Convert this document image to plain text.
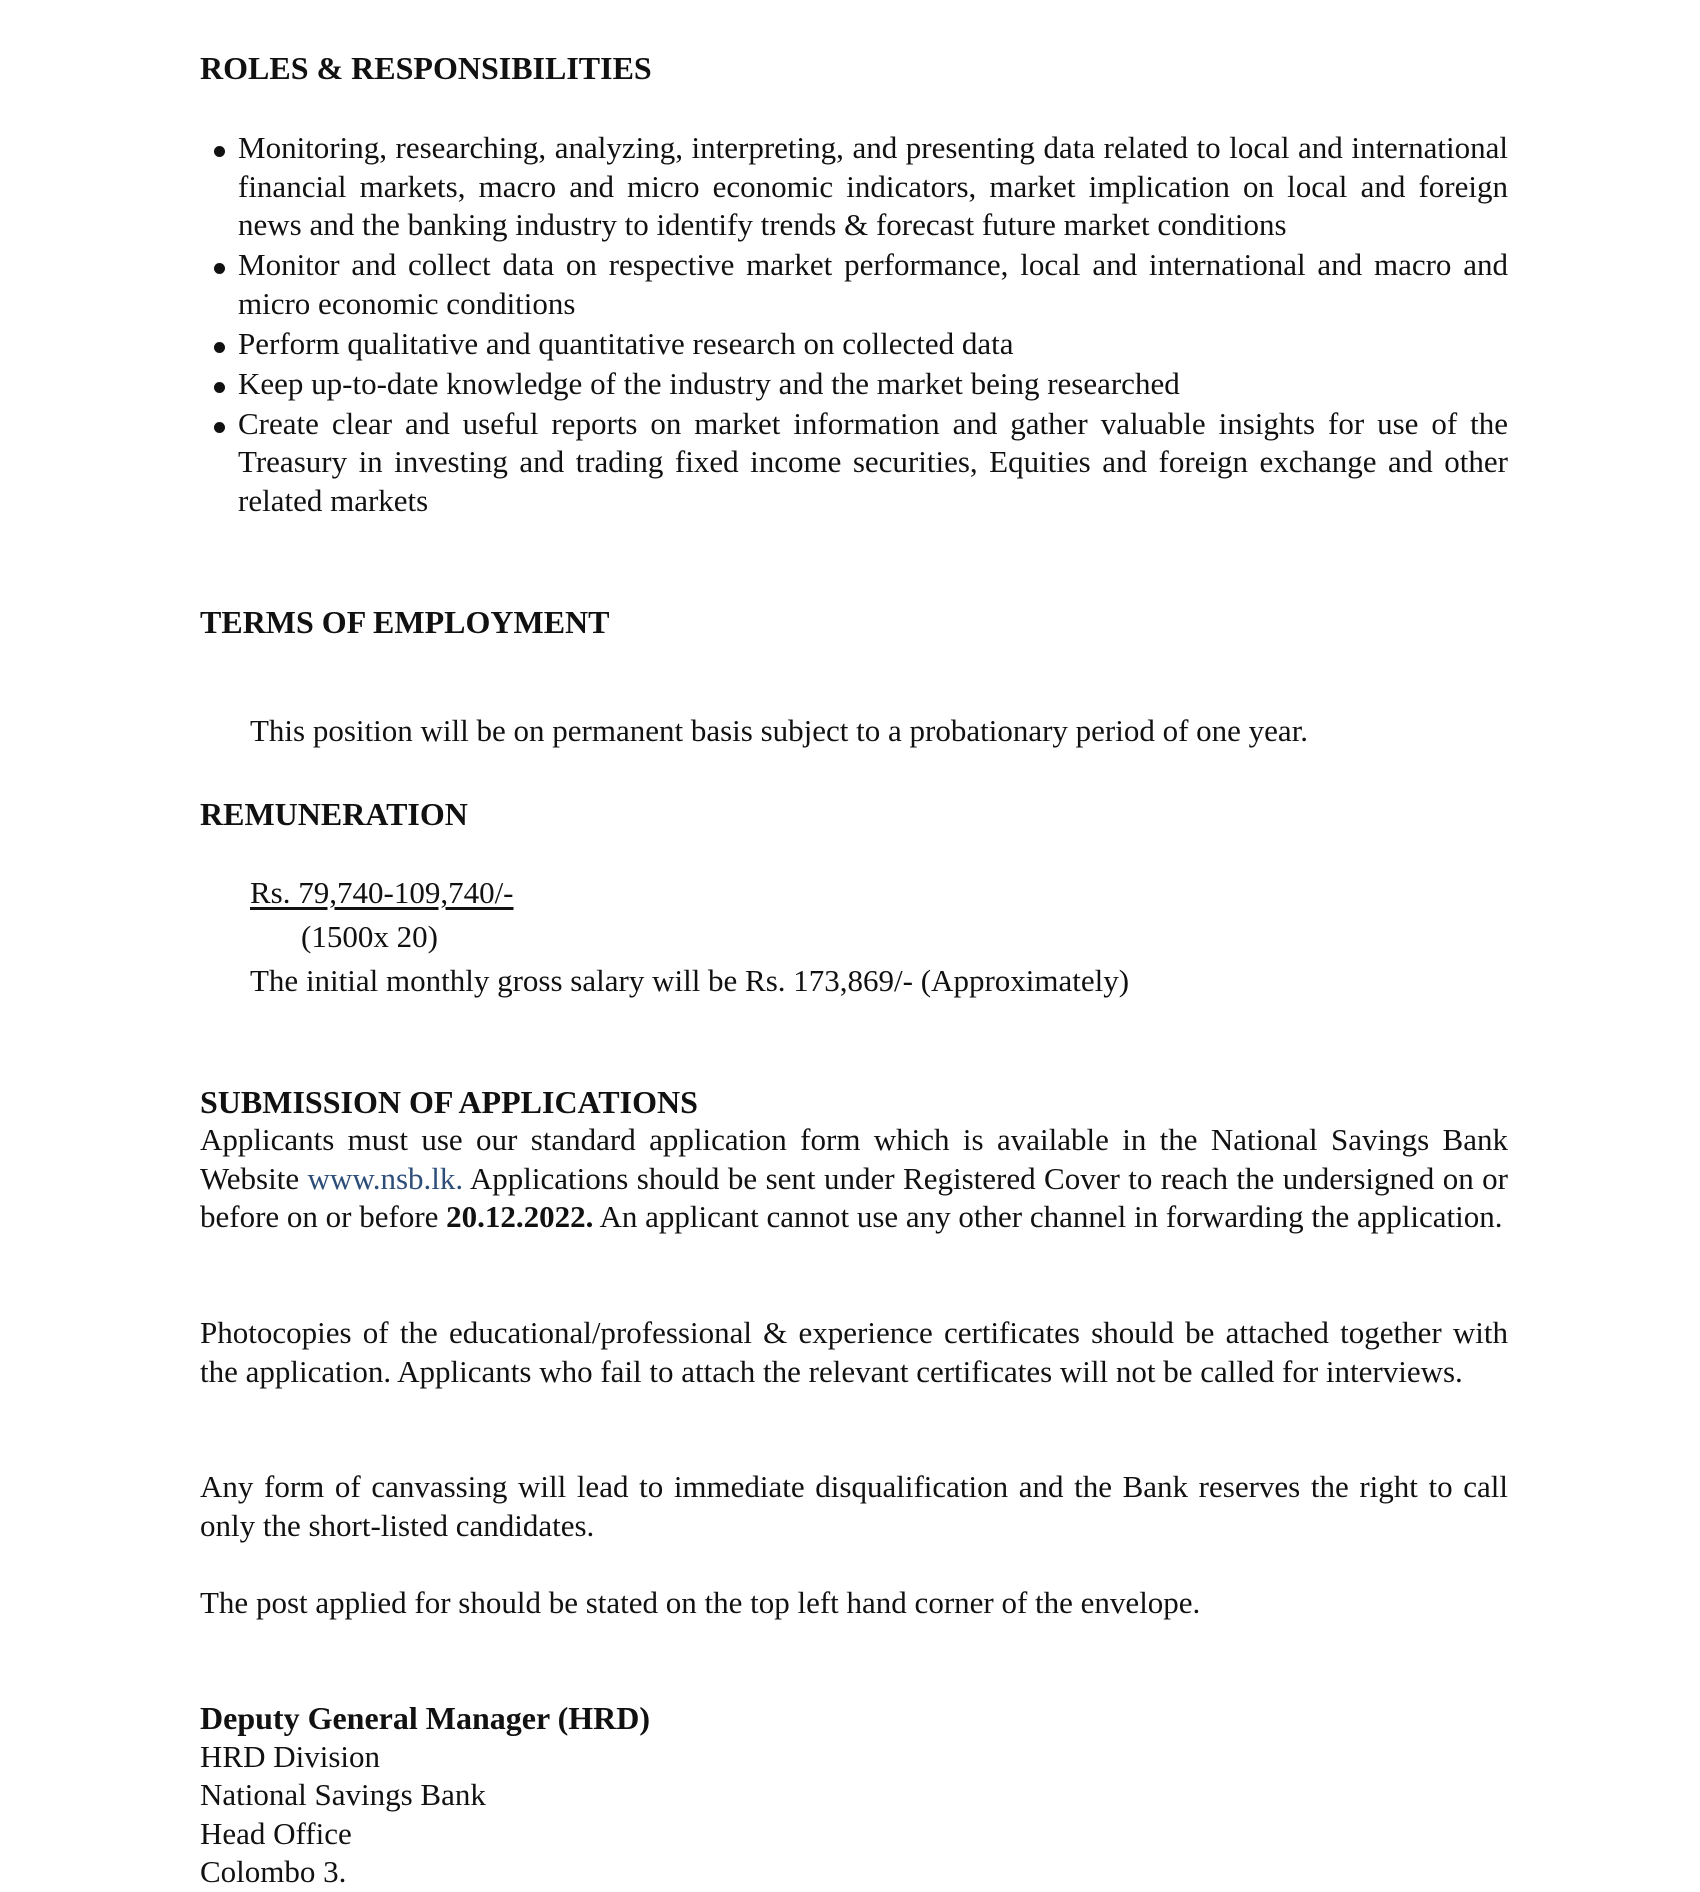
ROLES & RESPONSIBILITIES
Monitoring, researching, analyzing, interpreting, and presenting data related to local and international financial markets, macro and micro economic indicators, market implication on local and foreign news and the banking industry to identify trends & forecast future market conditions
Monitor and collect data on respective market performance, local and international and macro and micro economic conditions
Perform qualitative and quantitative research on collected data
Keep up-to-date knowledge of the industry and the market being researched
Create clear and useful reports on market information and gather valuable insights for use of the Treasury in investing and trading fixed income securities, Equities and foreign exchange and other related markets
TERMS OF EMPLOYMENT

This position will be on permanent basis subject to a probationary period of one year.

REMUNERATION
Rs. 79,740-109,740/-
(1500x 20)
The initial monthly gross salary will be Rs. 173,869/- (Approximately)
SUBMISSION OF APPLICATIONS

Applicants must use our standard application form which is available in the National Savings Bank Website www.nsb.lk. Applications should be sent under Registered Cover to reach the undersigned on or before on or before 20.12.2022. An applicant cannot use any other channel in forwarding the application.

Photocopies of the educational/professional & experience certificates should be attached together with the application. Applicants who fail to attach the relevant certificates will not be called for interviews.

Any form of canvassing will lead to immediate disqualification and the Bank reserves the right to call only the short-listed candidates.

The post applied for should be stated on the top left hand corner of the envelope.

Deputy General Manager (HRD)
HRD Division
National Savings Bank
Head Office
Colombo 3.
